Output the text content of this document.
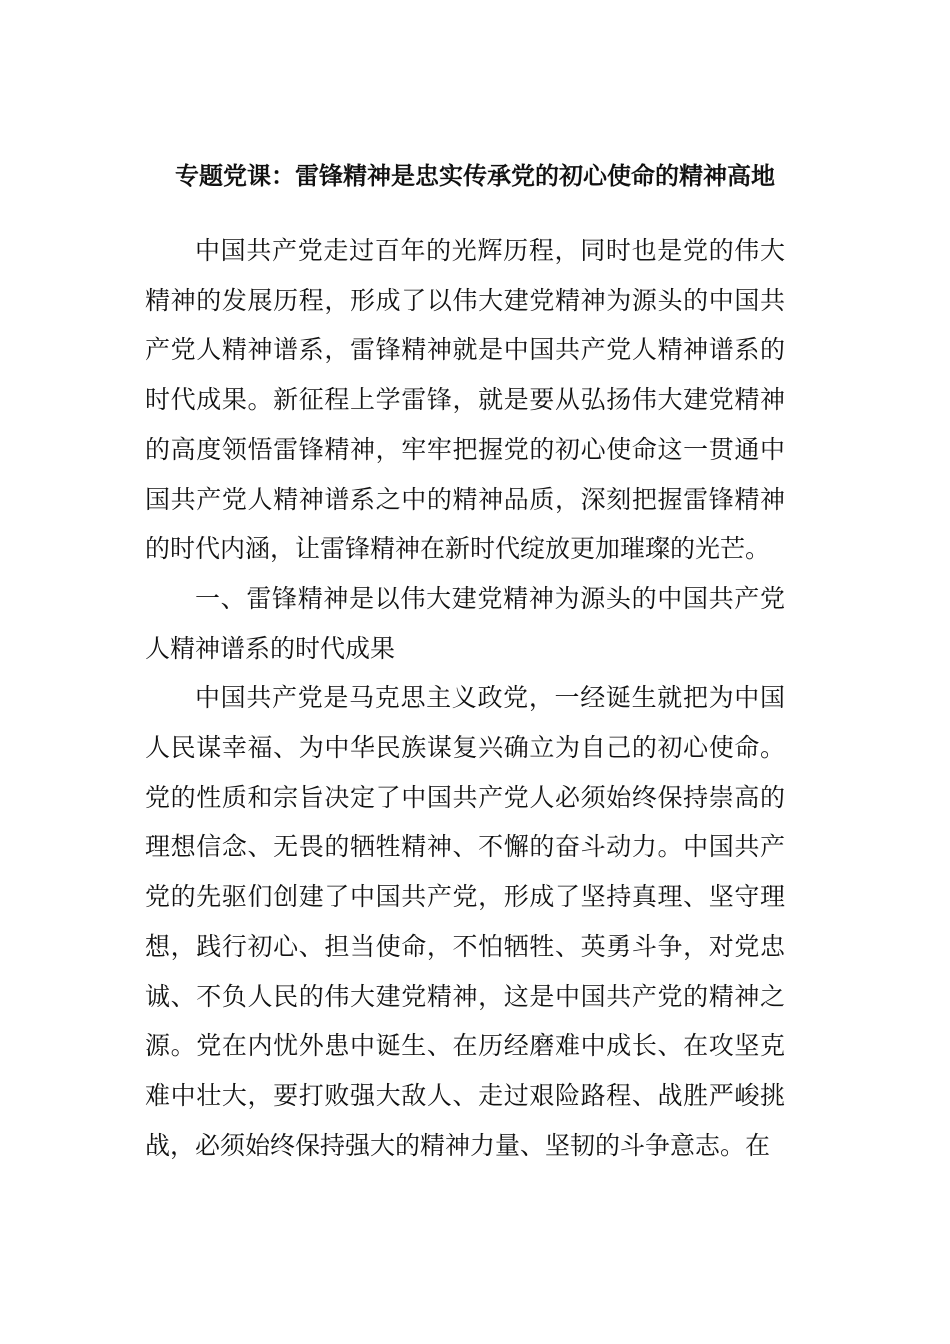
专题党课：雷锋精神是忠实传承党的初心使命的精神高地

中国共产党走过百年的光辉历程，同时也是党的伟大精神的发展历程，形成了以伟大建党精神为源头的中国共产党人精神谱系，雷锋精神就是中国共产党人精神谱系的时代成果。新征程上学雷锋，就是要从弘扬伟大建党精神的高度领悟雷锋精神，牢牢把握党的初心使命这一贯通中国共产党人精神谱系之中的精神品质，深刻把握雷锋精神的时代内涵，让雷锋精神在新时代绽放更加璀璨的光芒。

一、雷锋精神是以伟大建党精神为源头的中国共产党人精神谱系的时代成果

中国共产党是马克思主义政党，一经诞生就把为中国人民谋幸福、为中华民族谋复兴确立为自己的初心使命。党的性质和宗旨决定了中国共产党人必须始终保持崇高的理想信念、无畏的牺牲精神、不懈的奋斗动力。中国共产党的先驱们创建了中国共产党，形成了坚持真理、坚守理想，践行初心、担当使命，不怕牺牲、英勇斗争，对党忠诚、不负人民的伟大建党精神，这是中国共产党的精神之源。党在内忧外患中诞生、在历经磨难中成长、在攻坚克难中壮大，要打败强大敌人、走过艰险路程、战胜严峻挑战，必须始终保持强大的精神力量、坚韧的斗争意志。在
